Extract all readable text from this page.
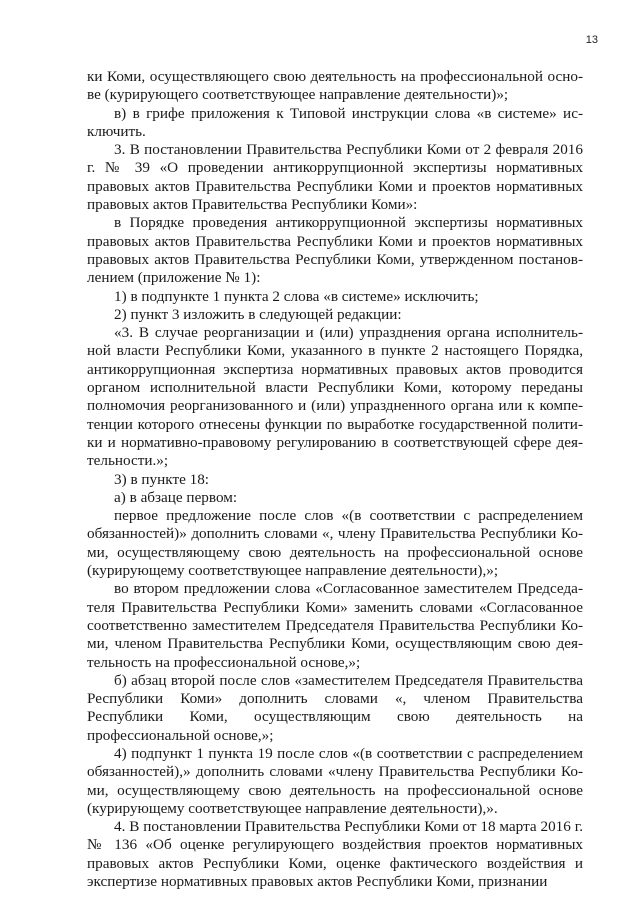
13

ки Коми, осуществляющего свою деятельность на профессиональной основе (курирующего соответствующее направление деятельности)»;

в) в грифе приложения к Типовой инструкции слова «в системе» исключить.

3. В постановлении Правительства Республики Коми от 2 февраля 2016 г. № 39 «О проведении антикоррупционной экспертизы нормативных правовых актов Правительства Республики Коми и проектов нормативных правовых актов Правительства Республики Коми»:

в Порядке проведения антикоррупционной экспертизы нормативных правовых актов Правительства Республики Коми и проектов нормативных правовых актов Правительства Республики Коми, утвержденном постановлением (приложение № 1):

1) в подпункте 1 пункта 2 слова «в системе» исключить;

2) пункт 3 изложить в следующей редакции:

«3. В случае реорганизации и (или) упразднения органа исполнительной власти Республики Коми, указанного в пункте 2 настоящего Порядка, антикоррупционная экспертиза нормативных правовых актов проводится органом исполнительной власти Республики Коми, которому переданы полномочия реорганизованного и (или) упраздненного органа или к компетенции которого отнесены функции по выработке государственной политики и нормативно-правовому регулированию в соответствующей сфере деятельности.»;

3) в пункте 18:

а) в абзаце первом:

первое предложение после слов «(в соответствии с распределением обязанностей)» дополнить словами «, члену Правительства Республики Коми, осуществляющему свою деятельность на профессиональной основе (курирующему соответствующее направление деятельности),»;

во втором предложении слова «Согласованное заместителем Председателя Правительства Республики Коми» заменить словами «Согласованное соответственно заместителем Председателя Правительства Республики Коми, членом Правительства Республики Коми, осуществляющим свою деятельность на профессиональной основе,»;

б) абзац второй после слов «заместителем Председателя Правительства Республики Коми» дополнить словами «, членом Правительства Республики Коми, осуществляющим свою деятельность на профессиональной основе,»;

4) подпункт 1 пункта 19 после слов «(в соответствии с распределением обязанностей),» дополнить словами «члену Правительства Республики Коми, осуществляющему свою деятельность на профессиональной основе (курирующему соответствующее направление деятельности),».

4. В постановлении Правительства Республики Коми от 18 марта 2016 г. № 136 «Об оценке регулирующего воздействия проектов нормативных правовых актов Республики Коми, оценке фактического воздействия и экспертизе нормативных правовых актов Республики Коми, признании
